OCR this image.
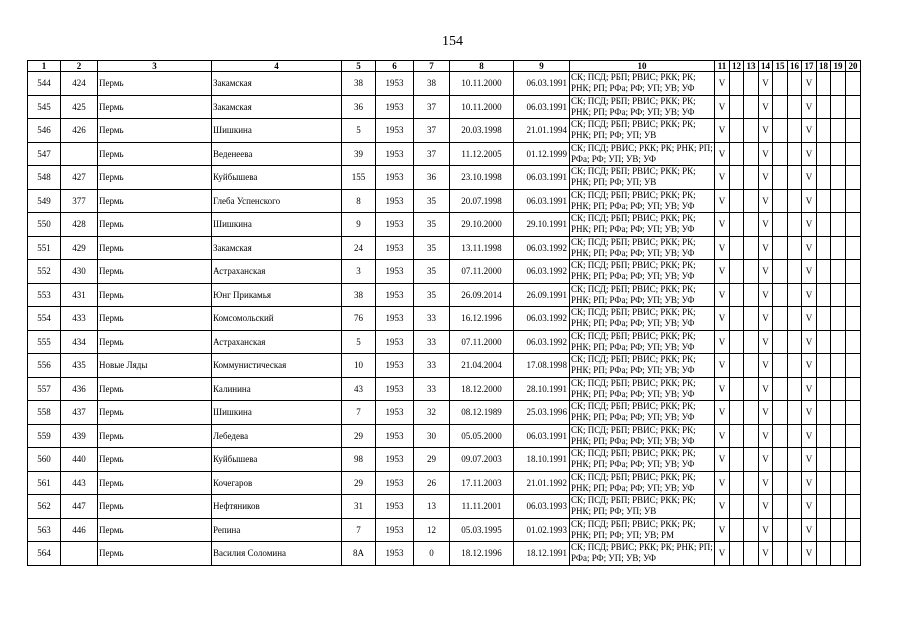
154
1	2	3	4	5	6	7	8	9	10	11	12	13	14	15	16	17	18	19	20
544	424	Пермь	Закамская	38	1953	38	10.11.2000	06.03.1991	СК; ПСД; РБП; РВИС; РКК; РК; РНК; РП; РФа; РФ; УП; УВ; УФ	V			V			V			
545	425	Пермь	Закамская	36	1953	37	10.11.2000	06.03.1991	СК; ПСД; РБП; РВИС; РКК; РК; РНК; РП; РФа; РФ; УП; УВ; УФ	V			V			V			
546	426	Пермь	Шишкина	5	1953	37	20.03.1998	21.01.1994	СК; ПСД; РБП; РВИС; РКК; РК; РНК; РП; РФ; УП; УВ	V			V			V			
547		Пермь	Веденеева	39	1953	37	11.12.2005	01.12.1999	СК; ПСД; РВИС; РКК; РК; РНК; РП; РФа; РФ; УП; УВ; УФ	V			V			V			
548	427	Пермь	Куйбышева	155	1953	36	23.10.1998	06.03.1991	СК; ПСД; РБП; РВИС; РКК; РК; РНК; РП; РФ; УП; УВ	V			V			V			
549	377	Пермь	Глеба Успенского	8	1953	35	20.07.1998	06.03.1991	СК; ПСД; РБП; РВИС; РКК; РК; РНК; РП; РФа; РФ; УП; УВ; УФ	V			V			V			
550	428	Пермь	Шишкина	9	1953	35	29.10.2000	29.10.1991	СК; ПСД; РБП; РВИС; РКК; РК; РНК; РП; РФа; РФ; УП; УВ; УФ	V			V			V			
551	429	Пермь	Закамская	24	1953	35	13.11.1998	06.03.1992	СК; ПСД; РБП; РВИС; РКК; РК; РНК; РП; РФа; РФ; УП; УВ; УФ	V			V			V			
552	430	Пермь	Астраханская	3	1953	35	07.11.2000	06.03.1992	СК; ПСД; РБП; РВИС; РКК; РК; РНК; РП; РФа; РФ; УП; УВ; УФ	V			V			V			
553	431	Пермь	Юнг Прикамья	38	1953	35	26.09.2014	26.09.1991	СК; ПСД; РБП; РВИС; РКК; РК; РНК; РП; РФа; РФ; УП; УВ; УФ	V			V			V			
554	433	Пермь	Комсомольский	76	1953	33	16.12.1996	06.03.1992	СК; ПСД; РБП; РВИС; РКК; РК; РНК; РП; РФа; РФ; УП; УВ; УФ	V			V			V			
555	434	Пермь	Астраханская	5	1953	33	07.11.2000	06.03.1992	СК; ПСД; РБП; РВИС; РКК; РК; РНК; РП; РФа; РФ; УП; УВ; УФ	V			V			V			
556	435	Новые Ляды	Коммунистическая	10	1953	33	21.04.2004	17.08.1998	СК; ПСД; РБП; РВИС; РКК; РК; РНК; РП; РФа; РФ; УП; УВ; УФ	V			V			V			
557	436	Пермь	Калинина	43	1953	33	18.12.2000	28.10.1991	СК; ПСД; РБП; РВИС; РКК; РК; РНК; РП; РФа; РФ; УП; УВ; УФ	V			V			V			
558	437	Пермь	Шишкина	7	1953	32	08.12.1989	25.03.1996	СК; ПСД; РБП; РВИС; РКК; РК; РНК; РП; РФа; РФ; УП; УВ; УФ	V			V			V			
559	439	Пермь	Лебедева	29	1953	30	05.05.2000	06.03.1991	СК; ПСД; РБП; РВИС; РКК; РК; РНК; РП; РФа; РФ; УП; УВ; УФ	V			V			V			
560	440	Пермь	Куйбышева	98	1953	29	09.07.2003	18.10.1991	СК; ПСД; РБП; РВИС; РКК; РК; РНК; РП; РФа; РФ; УП; УВ; УФ	V			V			V			
561	443	Пермь	Кочегаров	29	1953	26	17.11.2003	21.01.1992	СК; ПСД; РБП; РВИС; РКК; РК; РНК; РП; РФа; РФ; УП; УВ; УФ	V			V			V			
562	447	Пермь	Нефтяников	31	1953	13	11.11.2001	06.03.1993	СК; ПСД; РБП; РВИС; РКК; РК; РНК; РП; РФ; УП; УВ	V			V			V			
563	446	Пермь	Репина	7	1953	12	05.03.1995	01.02.1993	СК; ПСД; РБП; РВИС; РКК; РК; РНК; РП; РФ; УП; УВ; РМ	V			V			V			
564		Пермь	Василия Соломина	8А	1953	0	18.12.1996	18.12.1991	СК; ПСД; РВИС; РКК; РК; РНК; РП; РФа; РФ; УП; УВ; УФ	V			V			V			
